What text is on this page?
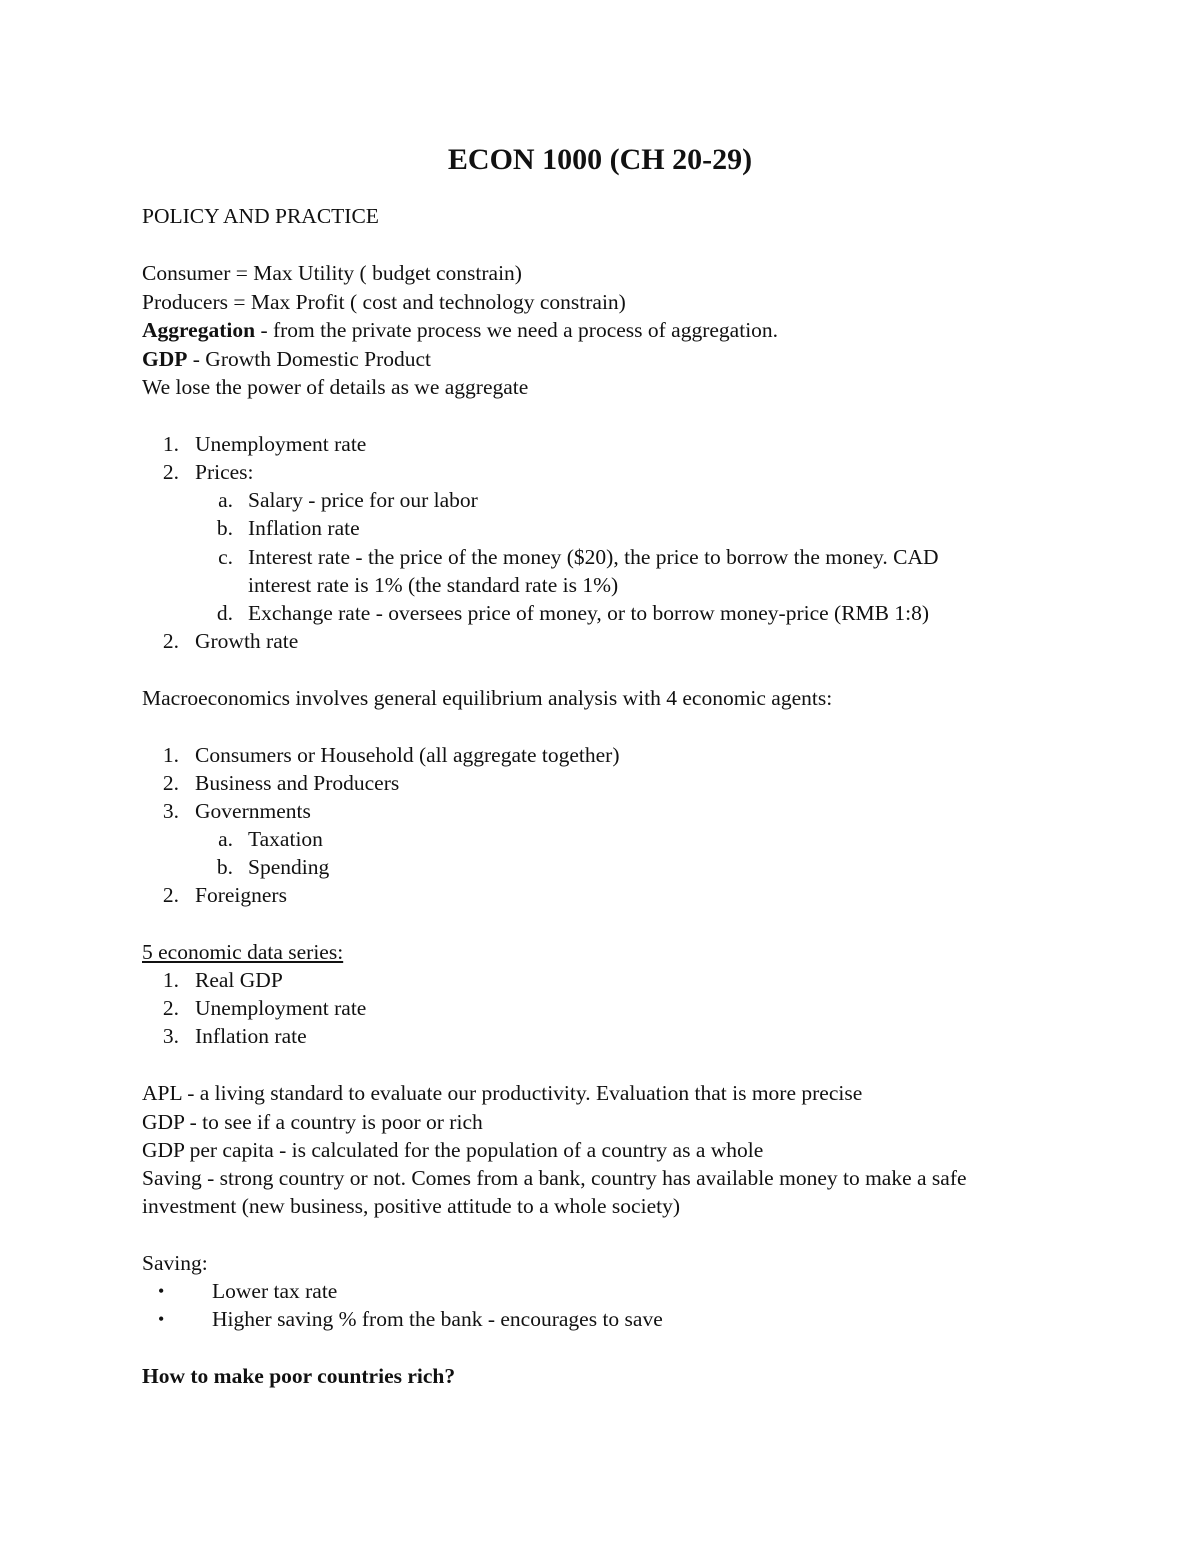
ECON 1000 (CH 20-29)
POLICY AND PRACTICE
Consumer = Max Utility ( budget constrain)
Producers = Max Profit ( cost and technology constrain)
Aggregation - from the private process we need a process of aggregation.
GDP - Growth Domestic Product
We lose the power of details as we aggregate
1. Unemployment rate
2. Prices:
a. Salary - price for our labor
b. Inflation rate
c. Interest rate - the price of the money ($20), the price to borrow the money. CAD
interest rate is 1% (the standard rate is 1%)
d. Exchange rate - oversees price of money, or to borrow money-price (RMB 1:8)
2. Growth rate
Macroeconomics involves general equilibrium analysis with 4 economic agents:
1. Consumers or Household (all aggregate together)
2. Business and Producers
3. Governments
a. Taxation
b. Spending
2. Foreigners
5 economic data series:
1. Real GDP
2. Unemployment rate
3. Inflation rate
APL - a living standard to evaluate our productivity. Evaluation that is more precise
GDP - to see if a country is poor or rich
GDP per capita - is calculated for the population of a country as a whole
Saving - strong country or not. Comes from a bank, country has available money to make a safe
investment (new business, positive attitude to a whole society)
Saving:
• Lower tax rate
• Higher saving % from the bank - encourages to save
How to make poor countries rich?
